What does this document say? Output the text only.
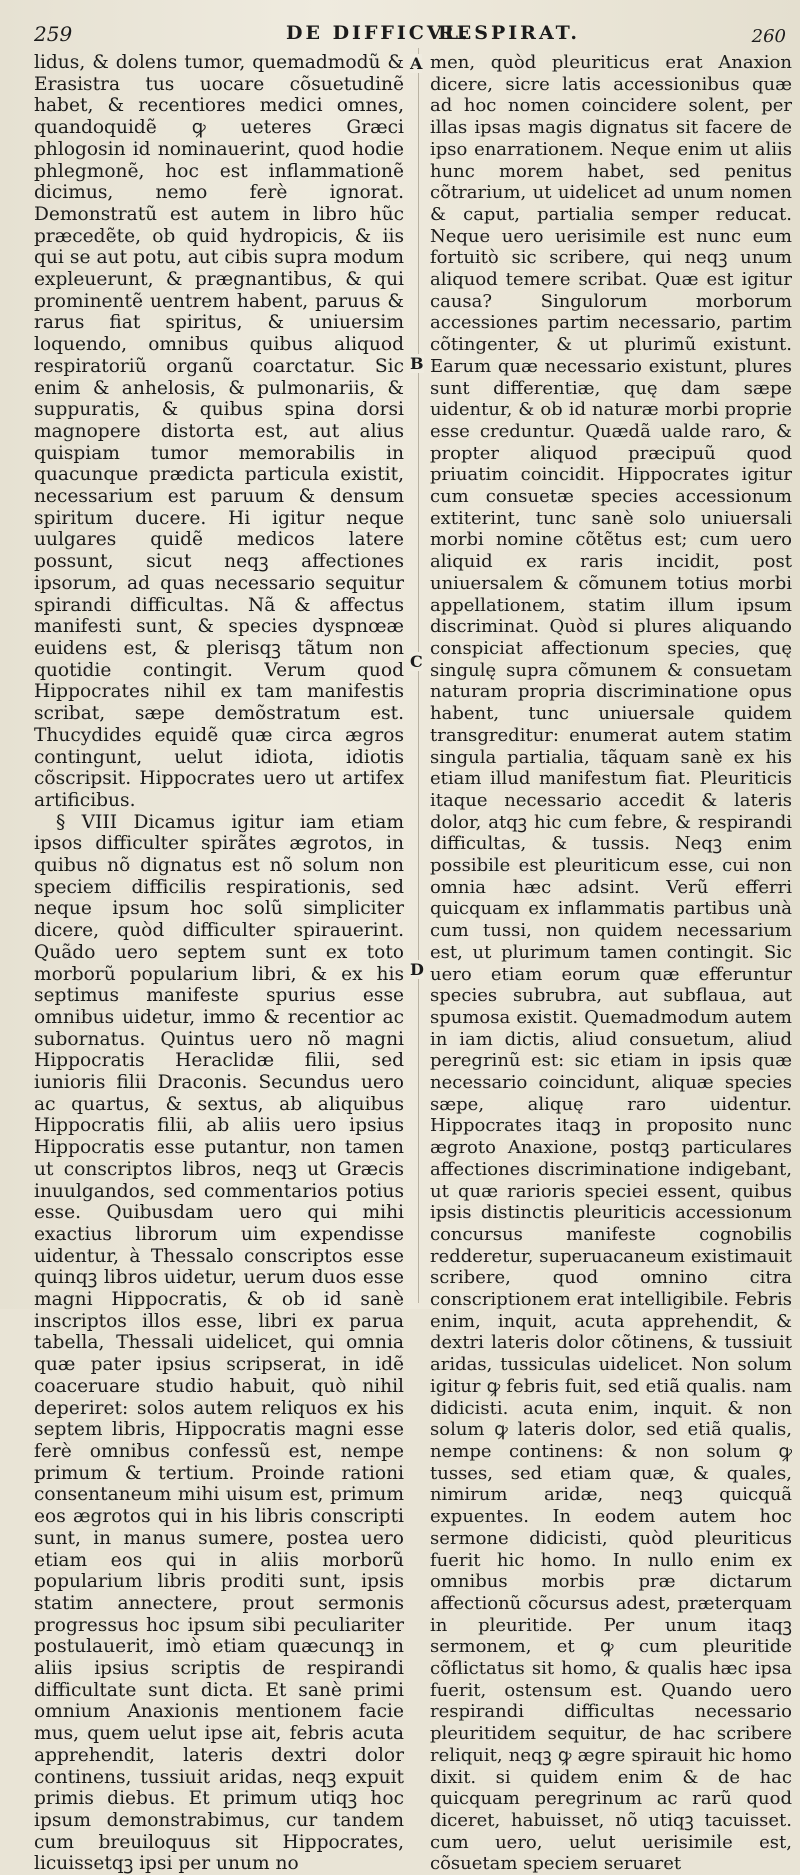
259	DE DIFFICVL.
RESPIRAT.	260

lidus, & dolens tumor, quemadmodũ & Erasistra tus uocare cõsuetudinẽ habet, & recentiores medici omnes, quandoquidẽ ꝙ ueteres Græci phlogosin id nominauerint, quod hodie phlegmonẽ, hoc est inflammationẽ dicimus, nemo ferè ignorat. Demonstratũ est autem in libro hũc præcedẽte, ob quid hydropicis, & iis qui se aut potu, aut cibis supra modum expleuerunt, & prægnantibus, & qui prominentẽ uentrem habent, paruus & rarus fiat spiritus, & uniuersim loquendo, omnibus quibus aliquod respiratoriũ organũ coarctatur. Sic enim & anhelosis, & pulmonariis, & suppuratis, & quibus spina dorsi magnopere distorta est, aut alius quispiam tumor memorabilis in quacunque prædicta particula existit, necessarium est paruum & densum spiritum ducere. Hi igitur neque uulgares quidẽ medicos latere possunt, sicut neqꝫ affectiones ipsorum, ad quas necessario sequitur spirandi difficultas. Nã & affectus manifesti sunt, & species dyspnœæ euidens est, & plerisqꝫ tãtum non quotidie contingit. Verum quod Hippocrates nihil ex tam manifestis scribat, sæpe demõstratum est. Thucydides equidẽ quæ circa ægros contingunt, uelut idiota, idiotis cõscripsit. Hippocrates uero ut artifex artificibus.

§ VIII Dicamus igitur iam etiam ipsos difficulter spirãtes ægrotos, in quibus nõ dignatus est nõ solum non speciem difficilis respirationis, sed neque ipsum hoc solũ simpliciter dicere, quòd difficulter spirauerint. Quãdo uero septem sunt ex toto morborũ popularium libri, & ex his septimus manifeste spurius esse omnibus uidetur, immo & recentior ac subornatus. Quintus uero nõ magni Hippocratis Heraclidæ filii, sed iunioris filii Draconis. Secundus uero ac quartus, & sextus, ab aliquibus Hippocratis filii, ab aliis uero ipsius Hippocratis esse putantur, non tamen ut conscriptos libros, neqꝫ ut Græcis inuulgandos, sed commentarios potius esse. Quibusdam uero qui mihi exactius librorum uim expendisse uidentur, à Thessalo conscriptos esse quinqꝫ libros uidetur, uerum duos esse magni Hippocratis, & ob id sanè inscriptos illos esse, libri ex parua tabella, Thessali uidelicet, qui omnia quæ pater ipsius scripserat, in idẽ coaceruare studio habuit, quò nihil deperiret: solos autem reliquos ex his septem libris, Hippocratis magni esse ferè omnibus confessũ est, nempe primum & tertium. Proinde rationi consentaneum mihi uisum est, primum eos ægrotos qui in his libris conscripti sunt, in manus sumere, postea uero etiam eos qui in aliis morborũ popularium libris proditi sunt, ipsis statim annectere, prout sermonis progressus hoc ipsum sibi peculiariter postulauerit, imò etiam quæcunqꝫ in aliis ipsius scriptis de respirandi difficultate sunt dicta. Et sanè primi omnium Anaxionis mentionem facie mus, quem uelut ipse ait, febris acuta apprehendit, lateris dextri dolor continens, tussiuit aridas, neqꝫ expuit primis diebus. Et primum utiqꝫ hoc ipsum demonstrabimus, cur tandem cum breuiloquus sit Hippocrates, licuissetqꝫ ipsi per unum no

A
B
C
D

men, quòd pleuriticus erat Anaxion dicere, sicre latis accessionibus quæ ad hoc nomen coincidere solent, per illas ipsas magis dignatus sit facere de ipso enarrationem. Neque enim ut aliis hunc morem habet, sed penitus cõtrarium, ut uidelicet ad unum nomen & caput, partialia semper reducat. Neque uero uerisimile est nunc eum fortuitò sic scribere, qui neqꝫ unum aliquod temere scribat. Quæ est igitur causa? Singulorum morborum accessiones partim necessario, partim cõtingenter, & ut plurimũ existunt. Earum quæ necessario existunt, plures sunt differentiæ, quę dam sæpe uidentur, & ob id naturæ morbi proprie esse creduntur. Quædã ualde raro, & propter aliquod præcipuũ quod priuatim coincidit. Hippocrates igitur cum consuetæ species accessionum extiterint, tunc sanè solo uniuersali morbi nomine cõtẽtus est; cum uero aliquid ex raris incidit, post uniuersalem & cõmunem totius morbi appellationem, statim illum ipsum discriminat. Quòd si plures aliquando conspiciat affectionum species, quę singulę supra cõmunem & consuetam naturam propria discriminatione opus habent, tunc uniuersale quidem transgreditur: enumerat autem statim singula partialia, tãquam sanè ex his etiam illud manifestum fiat. Pleuriticis itaque necessario accedit & lateris dolor, atqꝫ hic cum febre, & respirandi difficultas, & tussis. Neqꝫ enim possibile est pleuriticum esse, cui non omnia hæc adsint. Verũ efferri quicquam ex inflammatis partibus unà cum tussi, non quidem necessarium est, ut plurimum tamen contingit. Sic uero etiam eorum quæ efferuntur species subrubra, aut subflaua, aut spumosa existit. Quemadmodum autem in iam dictis, aliud consuetum, aliud peregrinũ est: sic etiam in ipsis quæ necessario coincidunt, aliquæ species sæpe, aliquę raro uidentur. Hippocrates itaqꝫ in proposito nunc ægroto Anaxione, postqꝫ particulares affectiones discriminatione indigebant, ut quæ rarioris speciei essent, quibus ipsis distinctis pleuriticis accessionum concursus manifeste cognobilis redderetur, superuacaneum existimauit scribere, quod omnino citra conscriptionem erat intelligibile. Febris enim, inquit, acuta apprehendit, & dextri lateris dolor cõtinens, & tussiuit aridas, tussiculas uidelicet. Non solum igitur ꝙ febris fuit, sed etiã qualis. nam didicisti. acuta enim, inquit. & non solum ꝙ lateris dolor, sed etiã qualis, nempe continens: & non solum ꝙ tusses, sed etiam quæ, & quales, nimirum aridæ, neqꝫ quicquã expuentes. In eodem autem hoc sermone didicisti, quòd pleuriticus fuerit hic homo. In nullo enim ex omnibus morbis præ dictarum affectionũ cõcursus adest, præterquam in pleuritide. Per unum itaqꝫ sermonem, et ꝙ cum pleuritide cõflictatus sit homo, & qualis hæc ipsa fuerit, ostensum est. Quando uero respirandi difficultas necessario pleuritidem sequitur, de hac scribere reliquit, neqꝫ ꝙ ægre spirauit hic homo dixit. si quidem enim & de hac quicquam peregrinum ac rarũ quod diceret, habuisset, nõ utiqꝫ tacuisset. cum uero, uelut uerisimile est, cõsuetam speciem seruaret
